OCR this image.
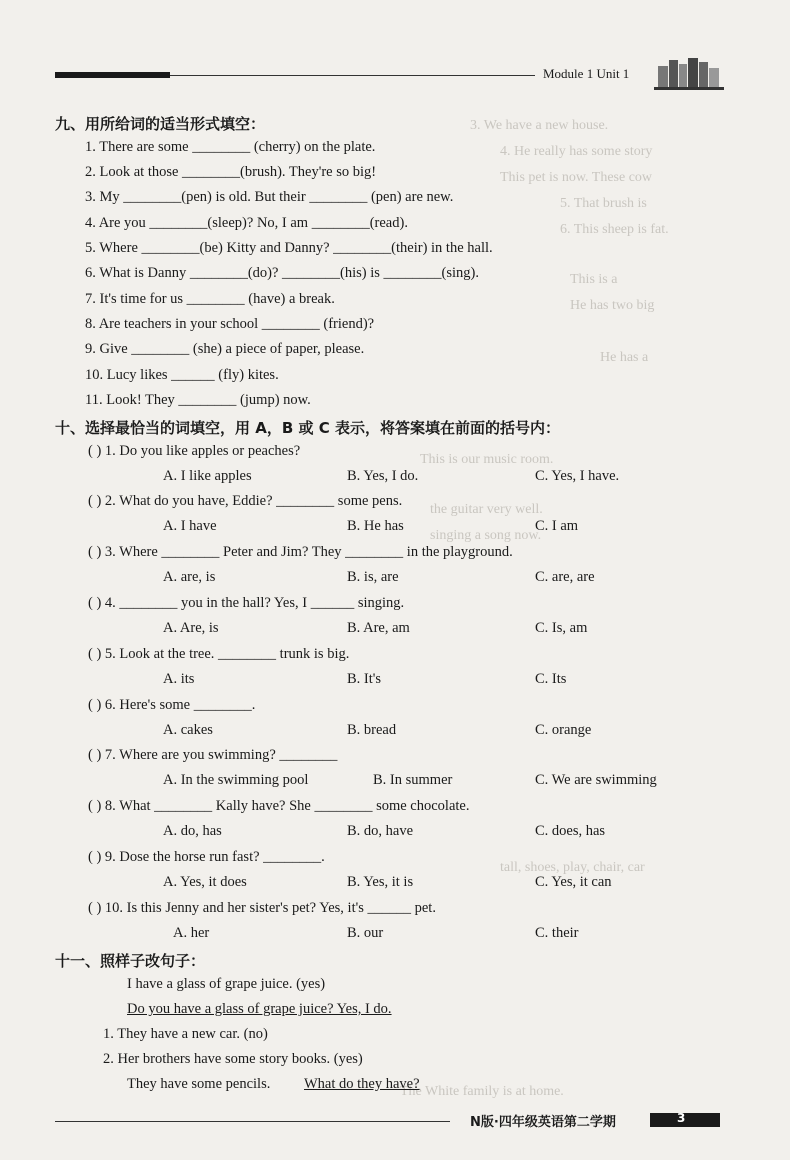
3. We have a new house.
4. He really has some story
This pet is now. These cow
5. That brush is
6. This sheep is fat.
This is a
He has two big
He has a
This is our music room.
the guitar very well.
singing a song now.
tall, shoes, play, chair, car
The White family is at home.
Module 1 Unit 1
九、用所给词的适当形式填空：
1. There are some ________ (cherry) on the plate.
2. Look at those ________(brush). They're so big!
3. My ________(pen) is old. But their ________ (pen) are new.
4. Are you ________(sleep)? No, I am ________(read).
5. Where ________(be) Kitty and Danny? ________(their) in the hall.
6. What is Danny ________(do)? ________(his) is ________(sing).
7. It's time for us ________ (have) a break.
8. Are teachers in your school ________ (friend)?
9. Give ________ (she) a piece of paper, please.
10. Lucy likes ______ (fly) kites.
11. Look! They ________ (jump) now.
十、选择最恰当的词填空，用 A，B 或 C 表示，将答案填在前面的括号内：
( ) 1. Do you like apples or peaches?
A. I like apples	B. Yes, I do.	C. Yes, I have.
( ) 2. What do you have, Eddie? ________ some pens.
A. I have	B. He has	C. I am
( ) 3. Where ________ Peter and Jim? They ________ in the playground.
A. are, is	B. is, are	C. are, are
( ) 4. ________ you in the hall? Yes, I ______ singing.
A. Are, is	B. Are, am	C. Is, am
( ) 5. Look at the tree. ________ trunk is big.
A. its	B. It's	C. Its
( ) 6. Here's some ________.
A. cakes	B. bread	C. orange
( ) 7. Where are you swimming? ________
A. In the swimming pool	B. In summer	C. We are swimming
( ) 8. What ________ Kally have? She ________ some chocolate.
A. do, has	B. do, have	C. does, has
( ) 9. Dose the horse run fast? ________.
A. Yes, it does	B. Yes, it is	C. Yes, it can
( ) 10. Is this Jenny and her sister's pet? Yes, it's ______ pet.
A. her	B. our	C. their
十一、照样子改句子：
I have a glass of grape juice. (yes)
Do you have a glass of grape juice? Yes, I do.
1. They have a new car. (no)
2. Her brothers have some story books. (yes)
They have some pencils. What do they have?
N版·四年级英语第二学期	3
